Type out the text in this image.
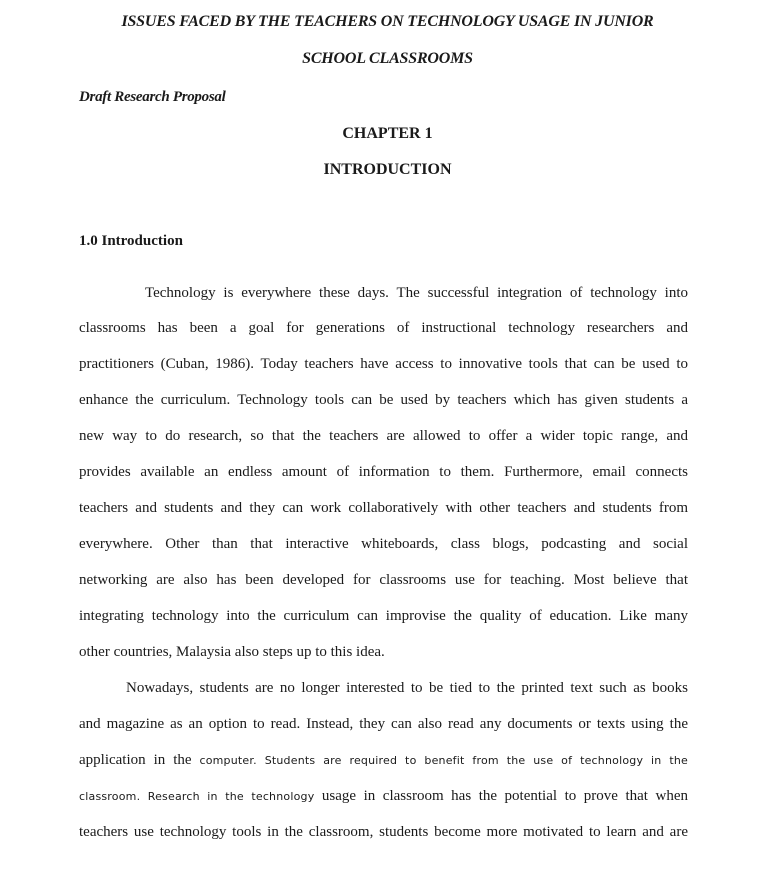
ISSUES FACED BY THE TEACHERS ON TECHNOLOGY USAGE IN JUNIOR
SCHOOL CLASSROOMS
Draft Research Proposal
CHAPTER 1
INTRODUCTION
1.0 Introduction
Technology is everywhere these days. The successful integration of technology into
classrooms has been a goal for generations of instructional technology researchers and
practitioners (Cuban, 1986). Today teachers have access to innovative tools that can be used to
enhance the curriculum. Technology tools can be used by teachers which has given students a
new way to do research, so that the teachers are allowed to offer a wider topic range, and
provides available an endless amount of information to them. Furthermore, email connects
teachers and students and they can work collaboratively with other teachers and students from
everywhere. Other than that interactive whiteboards, class blogs, podcasting and social
networking are also has been developed for classrooms use for teaching. Most believe that
integrating technology into the curriculum can improvise the quality of education. Like many
other countries, Malaysia also steps up to this idea.
Nowadays, students are no longer interested to be tied to the printed text such as books
and magazine as an option to read. Instead, they can also read any documents or texts using the
application in the computer. Students are required to benefit from the use of technology in the
classroom. Research in the technology usage in classroom has the potential to prove that when
teachers use technology tools in the classroom, students become more motivated to learn and are
